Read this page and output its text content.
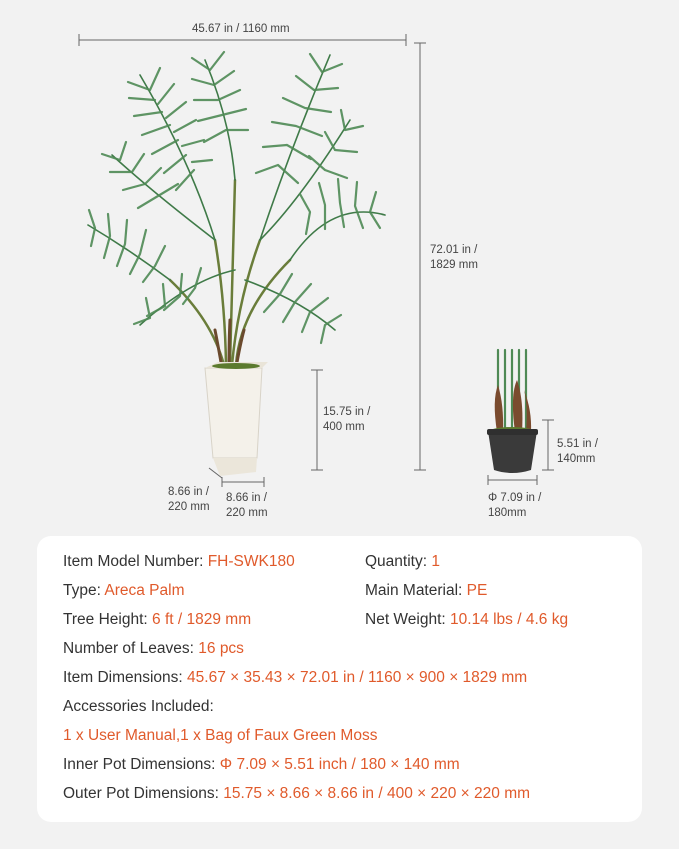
45.67 in / 1160 mm
72.01 in /
1829 mm
15.75 in /
400 mm
8.66 in /
220 mm
8.66 in /
220 mm
5.51 in /
140mm
Φ 7.09 in /
180mm
Item Model Number: FH-SWK180	Quantity: 1
Type: Areca Palm	Main Material: PE
Tree Height: 6 ft / 1829 mm	Net Weight: 10.14 lbs / 4.6 kg
Number of Leaves: 16 pcs
Item Dimensions: 45.67 × 35.43 × 72.01 in / 1160 × 900 × 1829 mm
Accessories Included:
1 x User Manual,1 x Bag of Faux Green Moss
Inner Pot Dimensions: Φ 7.09 × 5.51 inch / 180 × 140 mm
Outer Pot Dimensions: 15.75 × 8.66 × 8.66 in / 400 × 220 × 220 mm
